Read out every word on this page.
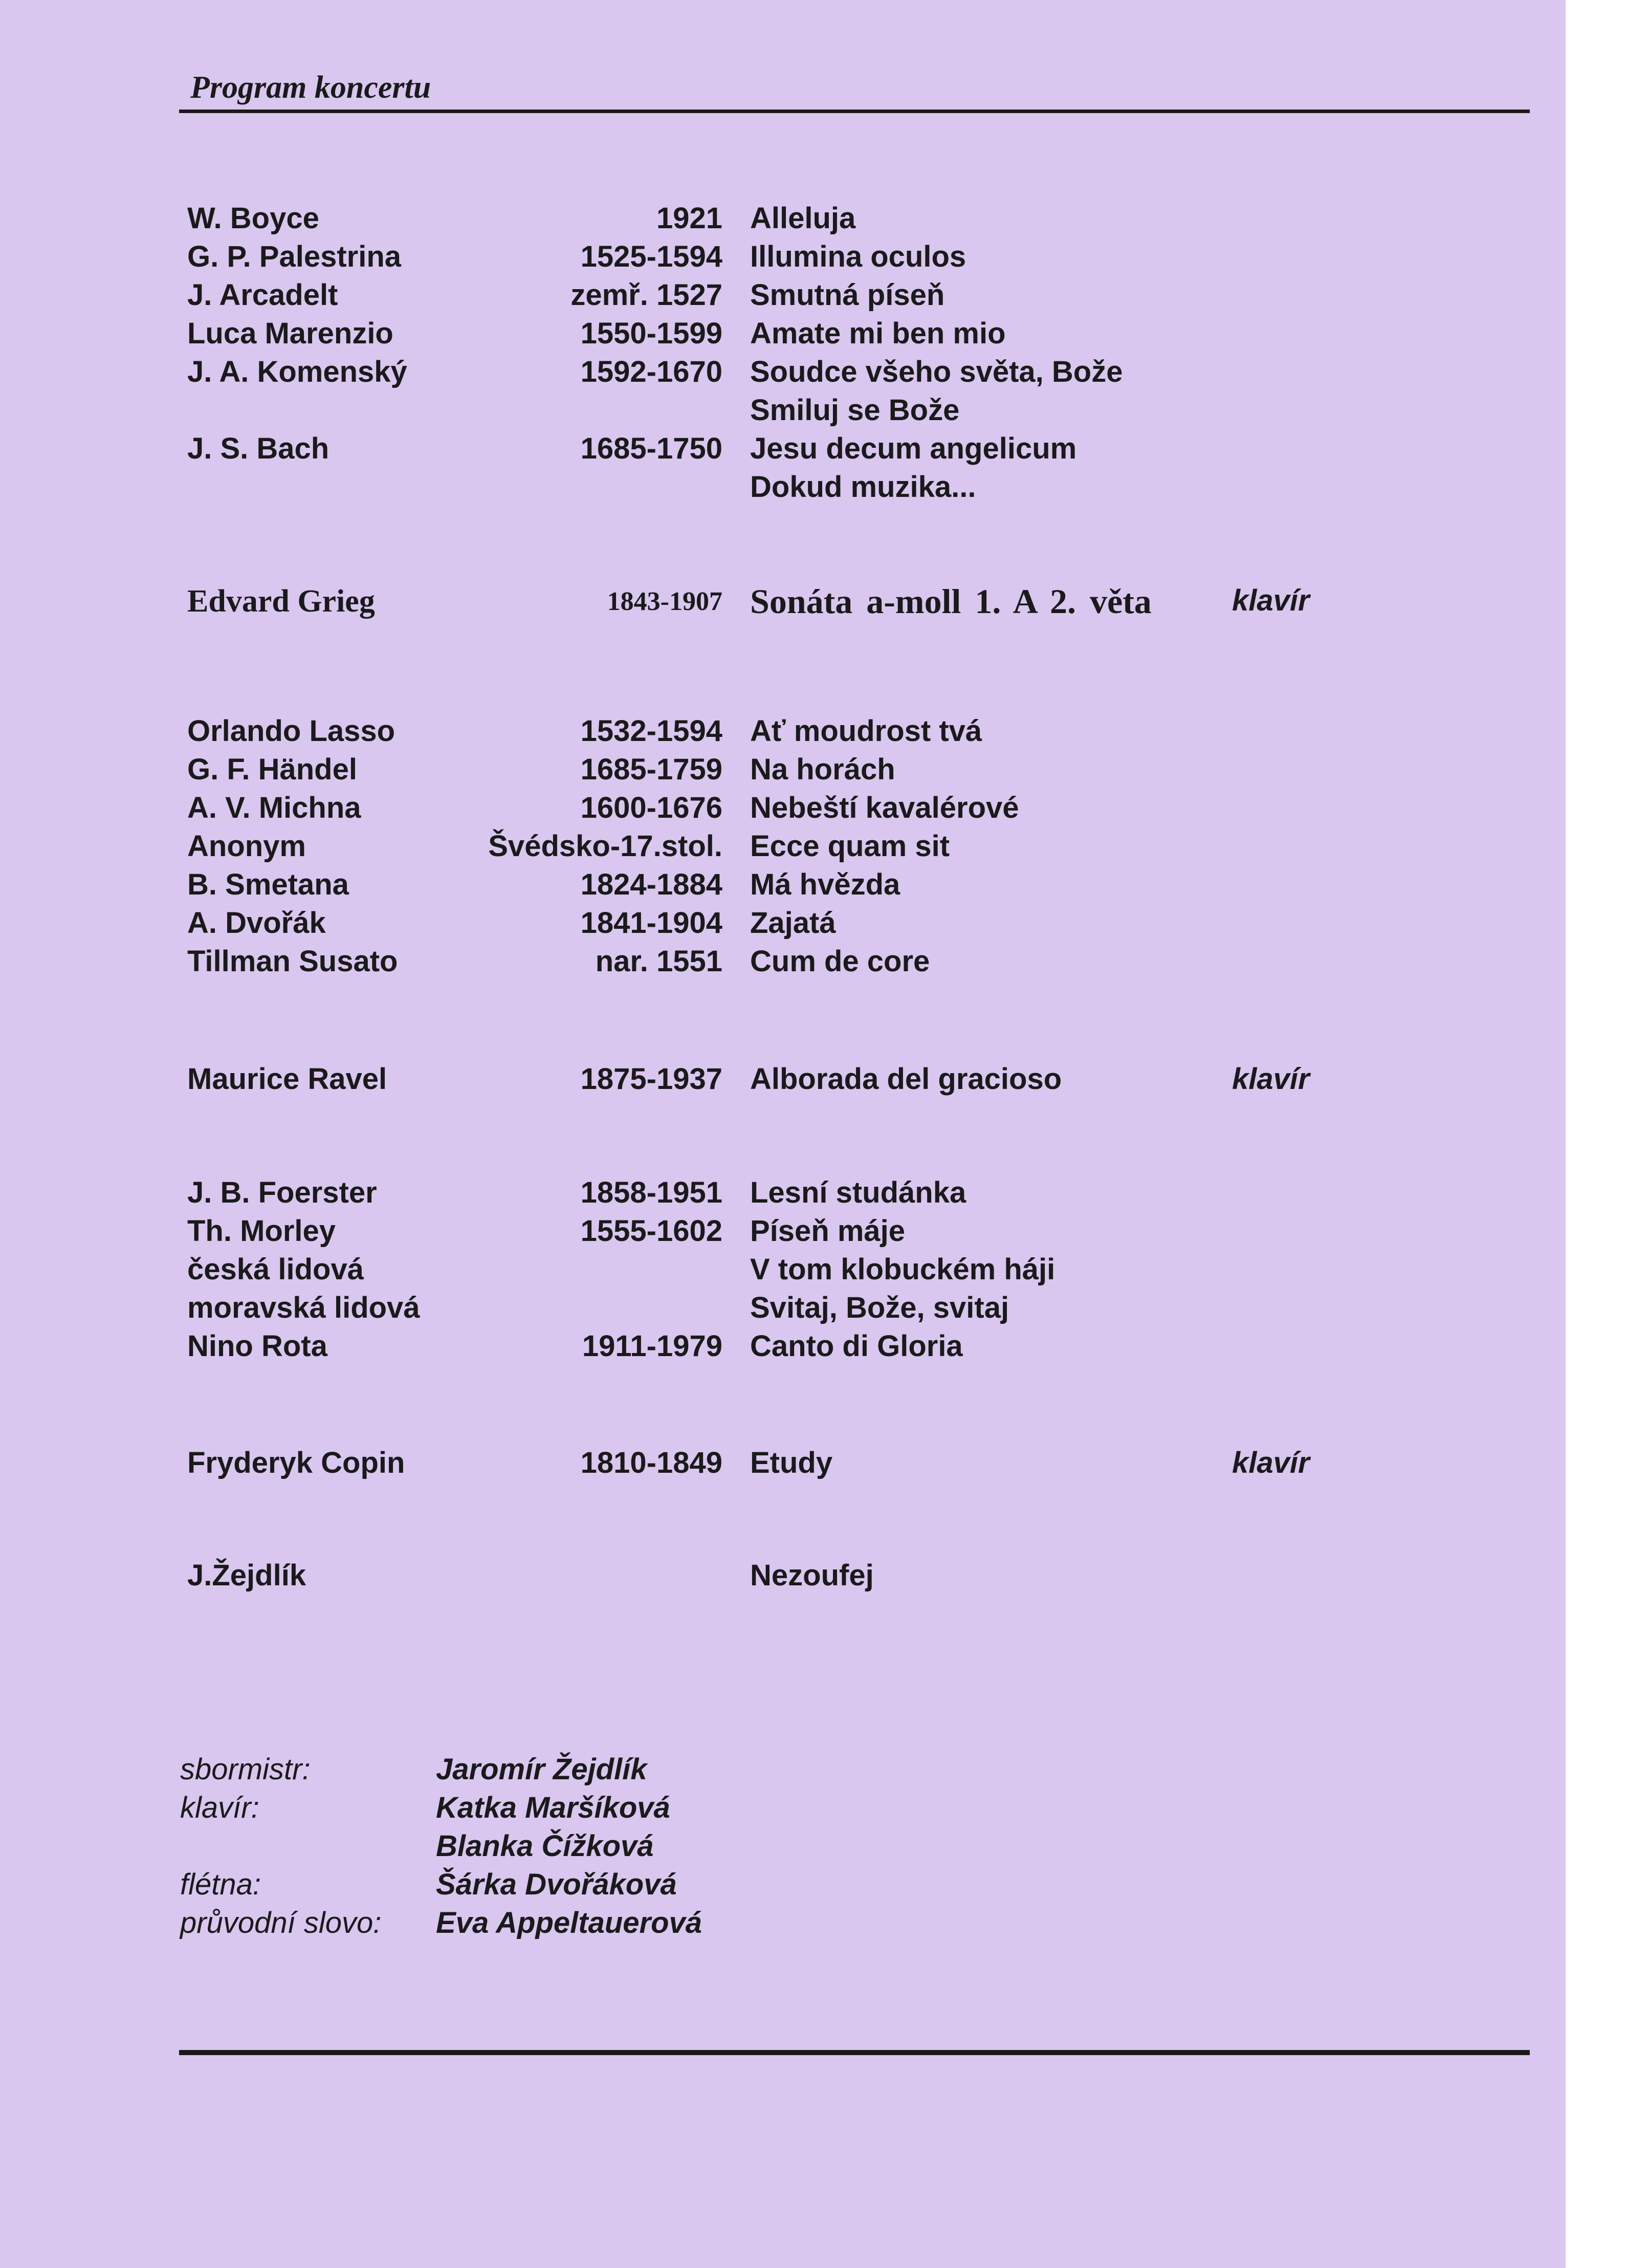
Program koncertu
W. Boyce	1921 Alleluja
G. P. Palestrina	1525-1594 Illumina oculos
J. Arcadelt	zemř. 1527 Smutná píseň
Luca Marenzio	1550-1599 Amate mi ben mio
J. A. Komenský	1592-1670 Soudce všeho světa, Bože
Smiluj se Bože
J. S. Bach	1685-1750 Jesu decum angelicum
Dokud muzika...
Edvard Grieg	1843-1907 Sonáta a-moll 1. A 2. věta	klavír
Orlando Lasso	1532-1594 Ať moudrost tvá
G. F. Händel	1685-1759 Na horách
A. V. Michna	1600-1676 Nebeští kavalérové
Anonym	Švédsko-17.stol. Ecce quam sit
B. Smetana	1824-1884 Má hvězda
A. Dvořák	1841-1904 Zajatá
Tillman Susato	nar. 1551 Cum de core
Maurice Ravel	1875-1937 Alborada del gracioso	klavír
J. B. Foerster	1858-1951 Lesní studánka
Th. Morley	1555-1602 Píseň máje
česká lidová	V tom klobuckém háji
moravská lidová	Svitaj, Bože, svitaj
Nino Rota	1911-1979 Canto di Gloria
Fryderyk Copin	1810-1849 Etudy	klavír
J.Žejdlík	Nezoufej
sbormistr:	Jaromír Žejdlík
klavír:	Katka Maršíková
Blanka Čížková
flétna:	Šárka Dvořáková
průvodní slovo: Eva Appeltauerová
